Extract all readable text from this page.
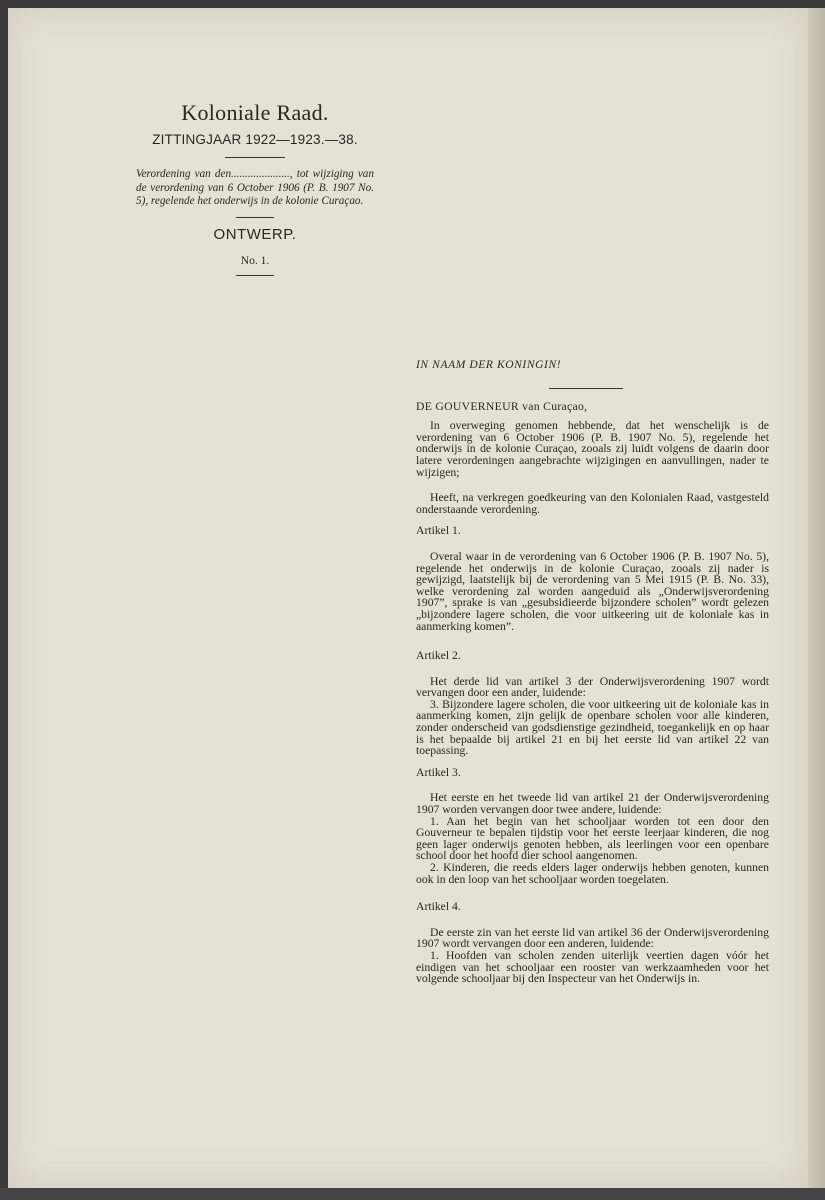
Koloniale Raad.
ZITTINGJAAR 1922—1923.—38.
Verordening van den....................., tot wijziging van de verordening van 6 October 1906 (P. B. 1907 No. 5), regelende het onderwijs in de kolonie Curaçao.
ONTWERP.
No. 1.

IN NAAM DER KONINGIN!

DE GOUVERNEUR van Curaçao,

In overweging genomen hebbende, dat het wenschelijk is de verordening van 6 October 1906 (P. B. 1907 No. 5), regelende het onderwijs in de kolonie Curaçao, zooals zij luidt volgens de daarin door latere verordeningen aangebrachte wijzigingen en aanvullingen, nader te wijzigen;

Heeft, na verkregen goedkeuring van den Kolonialen Raad, vastgesteld onderstaande verordening.

Artikel 1.

Overal waar in de verordening van 6 October 1906 (P. B. 1907 No. 5), regelende het onderwijs in de kolonie Curaçao, zooals zij nader is gewijzigd, laatstelijk bij de verordening van 5 Mei 1915 (P. B. No. 33), welke verordening zal worden aangeduid als „Onderwijsverordening 1907”, sprake is van „gesubsidieerde bijzondere scholen” wordt gelezen „bijzondere lagere scholen, die voor uitkeering uit de koloniale kas in aanmerking komen”.

Artikel 2.

Het derde lid van artikel 3 der Onderwijsverordening 1907 wordt vervangen door een ander, luidende:

3. Bijzondere lagere scholen, die voor uitkeering uit de koloniale kas in aanmerking komen, zijn gelijk de openbare scholen voor alle kinderen, zonder onderscheid van godsdienstige gezindheid, toegankelijk en op haar is het bepaalde bij artikel 21 en bij het eerste lid van artikel 22 van toepassing.

Artikel 3.

Het eerste en het tweede lid van artikel 21 der Onderwijsverordening 1907 worden vervangen door twee andere, luidende:

1. Aan het begin van het schooljaar worden tot een door den Gouverneur te bepalen tijdstip voor het eerste leerjaar kinderen, die nog geen lager onderwijs genoten hebben, als leerlingen voor een openbare school door het hoofd dier school aangenomen.

2. Kinderen, die reeds elders lager onderwijs hebben genoten, kunnen ook in den loop van het schooljaar worden toegelaten.

Artikel 4.

De eerste zin van het eerste lid van artikel 36 der Onderwijsverordening 1907 wordt vervangen door een anderen, luidende:

1. Hoofden van scholen zenden uiterlijk veertien dagen vóór het eindigen van het schooljaar een rooster van werkzaamheden voor het volgende schooljaar bij den Inspecteur van het Onderwijs in.
